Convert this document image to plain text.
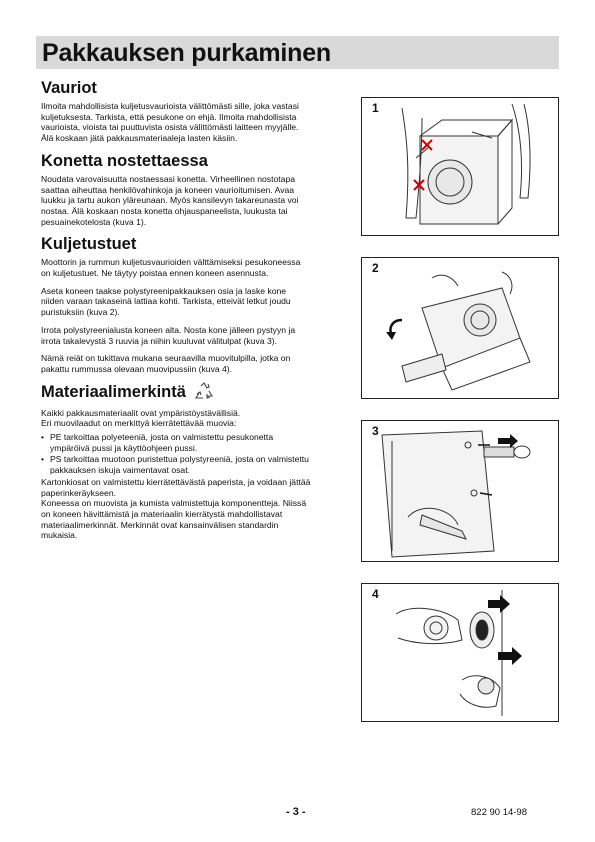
Pakkauksen purkaminen
Vauriot

Ilmoita mahdollisista kuljetusvaurioista välittömästi sille, joka vastasi kuljetuksesta. Tarkista, että pesukone on ehjä. Ilmoita mahdollisista vaurioista, vioista tai puuttuvista osista välittömästi laitteen myyjälle.

Älä koskaan jätä pakkausmateriaaleja lasten käsiin.

Konetta nostettaessa

Noudata varovaisuutta nostaessasi konetta. Virheellinen nostotapa saattaa aiheuttaa henkilövahinkoja ja koneen vaurioitumisen. Avaa luukku ja tartu aukon yläreunaan. Myös kansilevyn takareunasta voi nostaa. Älä koskaan nosta konetta ohjauspaneelista, luukusta tai pesuainekotelosta (kuva 1).

Kuljetustuet

Moottorin ja rummun kuljetusvaurioiden välttämiseksi pesukoneessa on kuljetustuet. Ne täytyy poistaa ennen koneen asennusta.

Aseta koneen taakse polystyreenipakkauksen osia ja laske kone niiden varaan takaseinä lattiaa kohti. Tarkista, etteivät letkut joudu puristuksiin (kuva 2).

Irrota polystyreenialusta koneen alta. Nosta kone jälleen pystyyn ja irrota takalevystä 3 ruuvia ja niihin kuuluvat välitulpat (kuva 3).

Nämä reiät on tukittava mukana seuraavilla muovitulpilla, jotka on pakattu rummussa olevaan muovipussiin (kuva 4).

Materiaalimerkintä

Kaikki pakkausmateriaalit ovat ympäristöystävällisiä.

Eri muovilaadut on merkittyä kierrätettävää muovia:

• PE tarkoittaa polyeteeniä, josta on valmistettu pesukonetta ympäröivä pussi ja käyttöohjeen pussi.
• PS tarkoittaa muotoon puristettua polystyreeniä, josta on valmistettu pakkauksen iskuja vaimentavat osat.

Kartonkiosat on valmistettu kierrätettävästä paperista, ja voidaan jättää paperinkeräykseen.

Koneessa on muovista ja kumista valmistettuja komponentteja. Niissä on koneen hävittämistä ja materiaalin kierrätystä mahdollistavat materiaalimerkinnät. Merkinnät ovat kansainvälisen standardin mukaisia.

1
2
3
4
- 3 -	822 90 14-98
